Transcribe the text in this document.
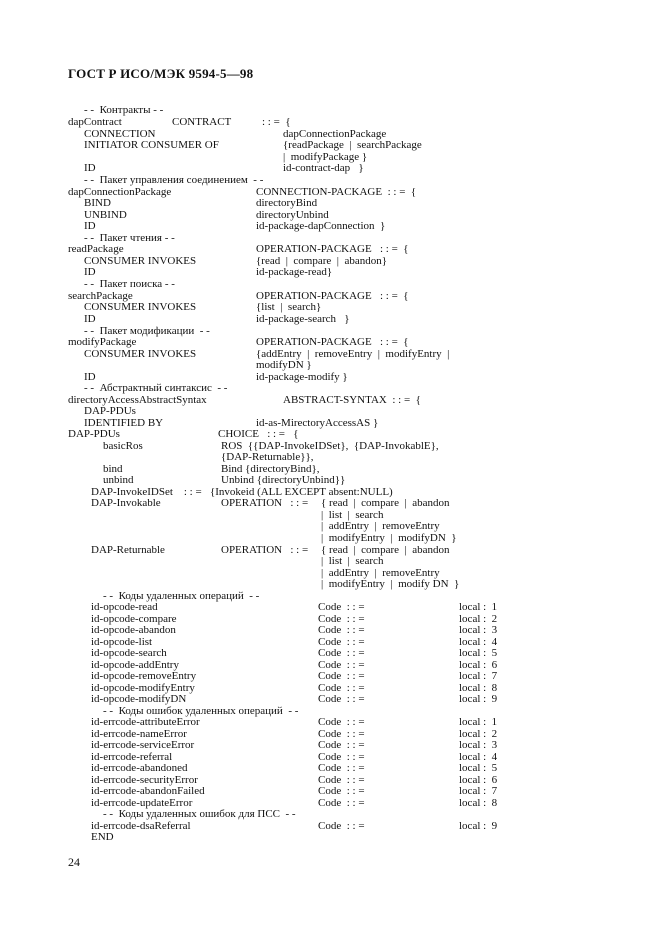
ГОСТ Р ИСО/МЭК 9594-5—98
- -  Контракты - -
dapContract	CONTRACT	: : =  {
CONNECTION	dapConnectionPackage
INITIATOR CONSUMER OF	{readPackage  |  searchPackage
|  modifyPackage }
ID	id-contract-dap   }
- -  Пакет управления соединением  - -
dapConnectionPackage	CONNECTION-PACKAGE  : : =  {
BIND	directoryBind
UNBIND	directoryUnbind
ID	id-package-dapConnection  }
- -  Пакет чтения - -
readPackage	OPERATION-PACKAGE   : : =  {
CONSUMER INVOKES	{read  |  compare  |  abandon}
ID	id-package-read}
- -  Пакет поиска - -
searchPackage	OPERATION-PACKAGE   : : =  {
CONSUMER INVOKES	{list  |  search}
ID	id-package-search   }
- -  Пакет модификации  - -
modifyPackage	OPERATION-PACKAGE   : : =  {
CONSUMER INVOKES	{addEntry  |  removeEntry  |  modifyEntry  |
modifyDN }
ID	id-package-modify }
- -  Абстрактный синтаксис  - -
directoryAccessAbstractSyntax	ABSTRACT-SYNTAX  : : =  {
DAP-PDUs
IDENTIFIED BY	id-as-MirectoryAccessAS }
DAP-PDUs	CHOICE   : : =   {
basicRos	ROS  {{DAP-InvokeIDSet},  {DAP-InvokablE},
{DAP-Returnable}},
bind	Bind {directoryBind},
unbind	Unbind {directoryUnbind}}
DAP-InvokeIDSet    : : =   {Invokeid (ALL EXCEPT absent:NULL)
DAP-Invokable	OPERATION   : : = { read  |  compare  |  abandon
|  list  |  search
|  addEntry  |  removeEntry
|  modifyEntry  |  modifyDN  }
DAP-Returnable	OPERATION   : : = { read  |  compare  |  abandon
|  list  |  search
|  addEntry  |  removeEntry
|  modifyEntry  |  modify DN  }
- -  Коды удаленных операций  - -
id-opcode-read	Code  : : =	local :  1
id-opcode-compare	Code  : : =	local :  2
id-opcode-abandon	Code  : : =	local :  3
id-opcode-list	Code  : : =	local :  4
id-opcode-search	Code  : : =	local :  5
id-opcode-addEntry	Code  : : =	local :  6
id-opcode-removeEntry	Code  : : =	local :  7
id-opcode-modifyEntry	Code  : : =	local :  8
id-opcode-modifyDN	Code  : : =	local :  9
- -  Коды ошибок удаленных операций  - -
id-errcode-attributeError	Code  : : =	local :  1
id-errcode-nameError	Code  : : =	local :  2
id-errcode-serviceError	Code  : : =	local :  3
id-errcode-referral	Code  : : =	local :  4
id-errcode-abandoned	Code  : : =	local :  5
id-errcode-securityError	Code  : : =	local :  6
id-errcode-abandonFailed	Code  : : =	local :  7
id-errcode-updateError	Code  : : =	local :  8
- -  Коды удаленных ошибок для ПСС  - -
id-errcode-dsaReferral	Code  : : =	local :  9
END
24
